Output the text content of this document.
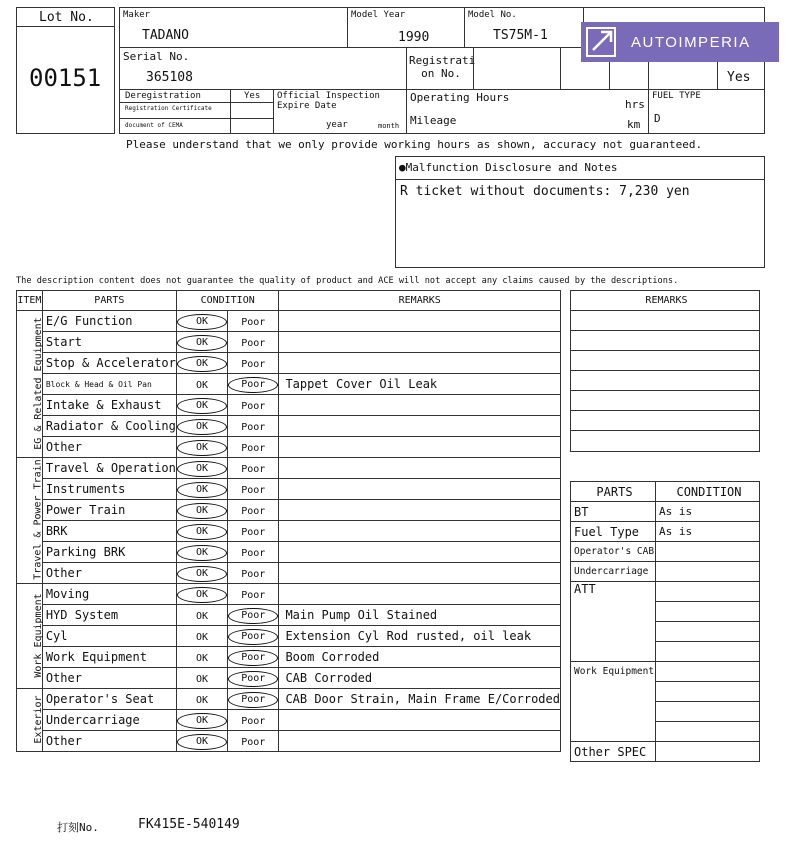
Lot No.
00151
Maker
TADANO
Model Year
1990
Model No.
TS75M-1
Serial No.
365108
Registrati
on No.	Yes
Deregistration	Yes
Registration Certificate
document of CEMA
Official Inspection
Expire Date
year	month
Operating Hours
hrs
Mileage	km
FUEL TYPE
D
AUTOIMPERIA
Please understand that we only provide working hours as shown, accuracy not guaranteed.
●Malfunction Disclosure and Notes
R ticket without documents: 7,230 yen
The description content does not guarantee the quality of product and ACE will not accept any claims caused by the descriptions.
ITEM	PARTS	CONDITION		REMARKS

EG & Related Equipment	E/G Function	OK	Poor	
	Start	OK	Poor	
	Stop & Accelerator	OK	Poor	
	Block & Head & Oil Pan	OK	Poor	Tappet Cover Oil Leak
	Intake & Exhaust	OK	Poor	
	Radiator & Cooling	OK	Poor	
	Other	OK	Poor	

Travel & Power Train	Travel & Operation	OK	Poor	
	Instruments	OK	Poor	
	Power Train	OK	Poor	
	BRK	OK	Poor	
	Parking BRK	OK	Poor	
	Other	OK	Poor	

Work Equipment	Moving	OK	Poor	
	HYD System	OK	Poor	Main Pump Oil Stained
	Cyl	OK	Poor	Extension Cyl Rod rusted, oil leak
	Work Equipment	OK	Poor	Boom Corroded
	Other	OK	Poor	CAB Corroded

Exterior	Operator's Seat	OK	Poor	CAB Door Strain, Main Frame E/Corroded
	Undercarriage	OK	Poor	
	Other	OK	Poor	
REMARKS

PARTS	CONDITION
BT	As is
Fuel Type	As is
Operator's CAB	
Undercarriage	
ATT	

Work Equipment	

Other SPEC	
打刻No.	FK415E-540149
